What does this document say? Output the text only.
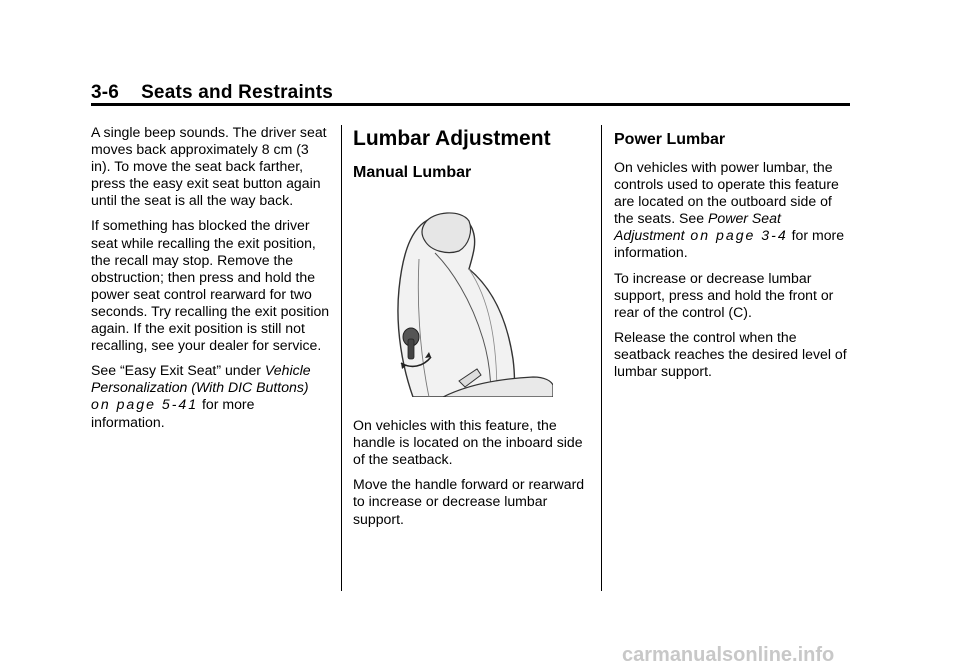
3-6 Seats and Restraints

A single beep sounds. The driver seat moves back approximately 8 cm (3 in). To move the seat back farther, press the easy exit seat button again until the seat is all the way back.

If something has blocked the driver seat while recalling the exit position, the recall may stop. Remove the obstruction; then press and hold the power seat control rearward for two seconds. Try recalling the exit position again. If the exit position is still not recalling, see your dealer for service.

See “Easy Exit Seat” under Vehicle Personalization (With DIC Buttons) on page 5-41 for more information.

Lumbar Adjustment
Manual Lumbar

On vehicles with this feature, the handle is located on the inboard side of the seatback.

Move the handle forward or rearward to increase or decrease lumbar support.

Power Lumbar

On vehicles with power lumbar, the controls used to operate this feature are located on the outboard side of the seats. See Power Seat Adjustment on page 3-4 for more information.

To increase or decrease lumbar support, press and hold the front or rear of the control (C).

Release the control when the seatback reaches the desired level of lumbar support.

carmanualsonline.info
